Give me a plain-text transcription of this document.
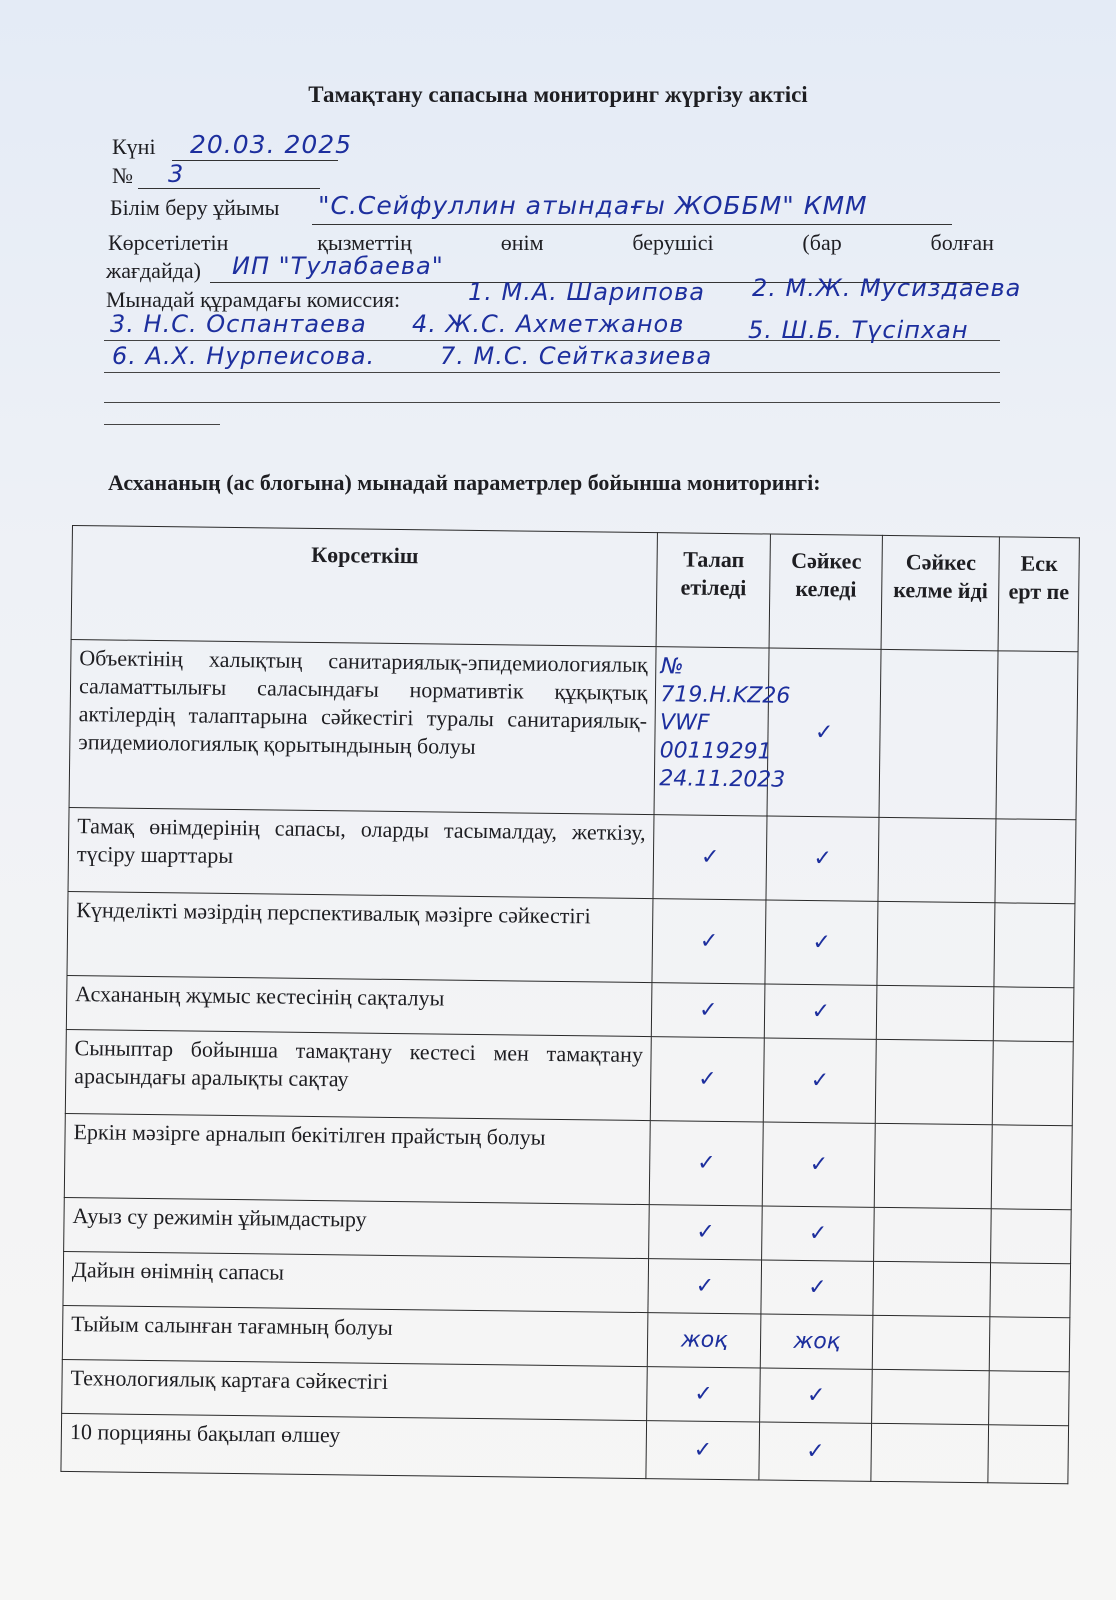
Тамақтану сапасына мониторинг жүргізу актісі
Күні 20.03. 2025
№ 3
Білім беру ұйымы "С.Сейфуллин атындағы ЖОББМ" КММ
Көрсетілетін	қызметтің	өнім	берушісі	(бар	болған
жағдайда) ИП "Тулабаева"
Мынадай құрамдағы комиссия:	1. М.А. Шарипова 2. М.Ж. Мусиздаева
3. Н.С. Оспантаева 4. Ж.С. Ахметжанов	5. Ш.Б. Түсіпхан
6. А.Х. Нурпеисова.	7. М.С. Сейтказиева
Асхананың (ас блогына) мынадай параметрлер бойынша мониторингі:
Көрсеткіш	Талап етіледі	Сәйкес келеді	Сәйкес келме йді	Еск ерт пе
Объектінің халықтың санитариялық-эпидемиологиялық саламаттылығы саласындағы нормативтік құқықтық актілердің талаптарына сәйкестігі туралы санитариялық-эпидемиологиялық қорытындының болуы	№
719.Н.KZ26
VWF
00119291
24.11.2023	✓		
Тамақ өнімдерінің сапасы, оларды тасымалдау, жеткізу, түсіру шарттары	✓	✓		
Күнделікті мәзірдің перспективалық мәзірге сәйкестігі	✓	✓		
Асхананың жұмыс кестесінің сақталуы	✓	✓		
Сыныптар бойынша тамақтану кестесі мен тамақтану арасындағы аралықты сақтау	✓	✓		
Еркін мәзірге арналып бекітілген прайстың болуы	✓	✓		
Ауыз су режимін ұйымдастыру	✓	✓		
Дайын өнімнің сапасы	✓	✓		
Тыйым салынған тағамның болуы	жоқ	жоқ		
Технологиялық картаға сәйкестігі	✓	✓		
10 порцияны бақылап өлшеу	✓	✓		
